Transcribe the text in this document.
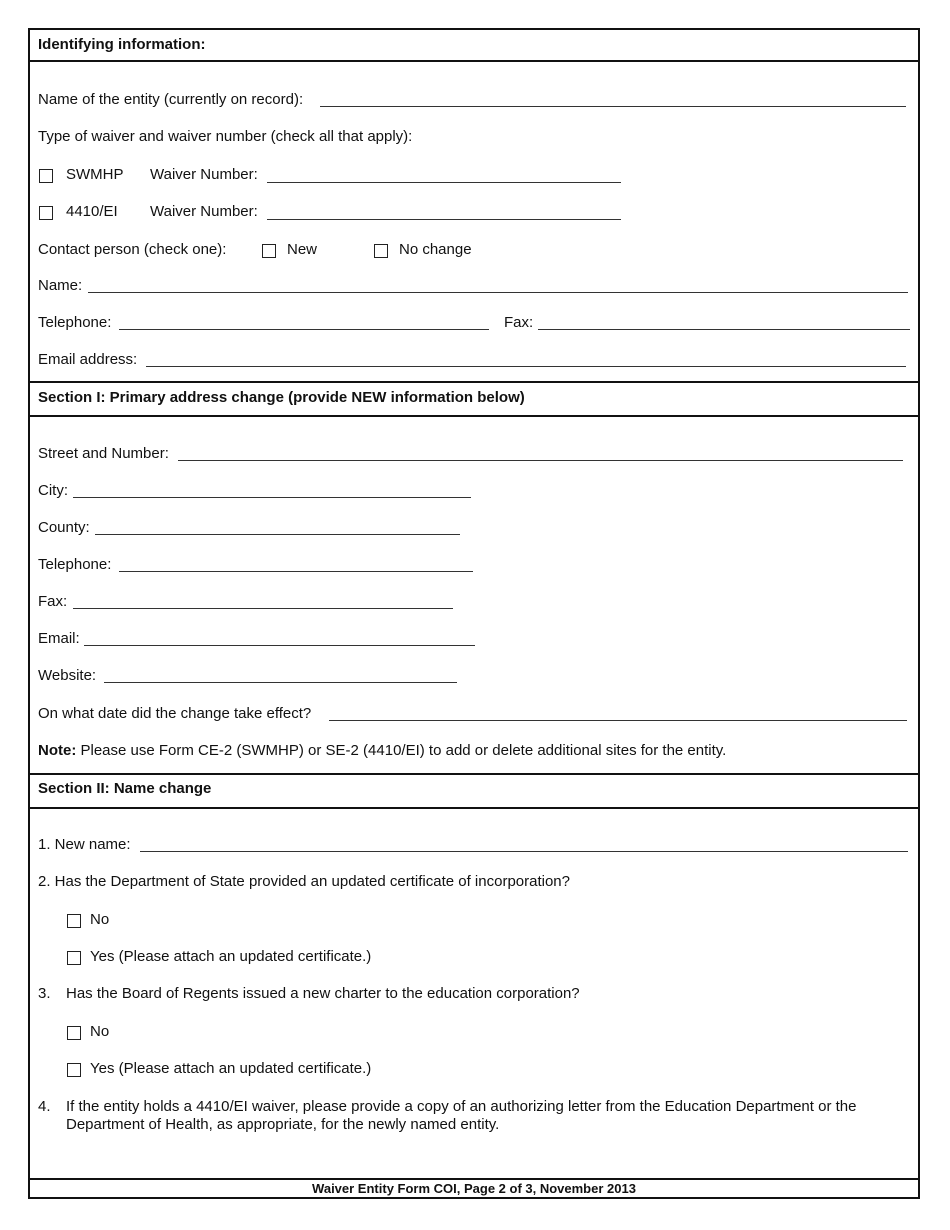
Identifying information:
Name of the entity (currently on record):
Type of waiver and waiver number (check all that apply):
SWMHP Waiver Number:
4410/EI Waiver Number:
Contact person (check one):	New	No change
Name:
Telephone:	Fax:
Email address:
Section I: Primary address change (provide NEW information below)
Street and Number:
City:
County:
Telephone:
Fax:
Email:
Website:
On what date did the change take effect?
Note: Please use Form CE-2 (SWMHP) or SE-2 (4410/EI) to add or delete additional sites for the entity.
Section II: Name change
1. New name:
2. Has the Department of State provided an updated certificate of incorporation?
No
Yes (Please attach an updated certificate.)
3. Has the Board of Regents issued a new charter to the education corporation?
No
Yes (Please attach an updated certificate.)
4. If the entity holds a 4410/EI waiver, please provide a copy of an authorizing letter from the Education Department or the Department of Health, as appropriate, for the newly named entity.
Waiver Entity Form COI, Page 2 of 3, November 2013
